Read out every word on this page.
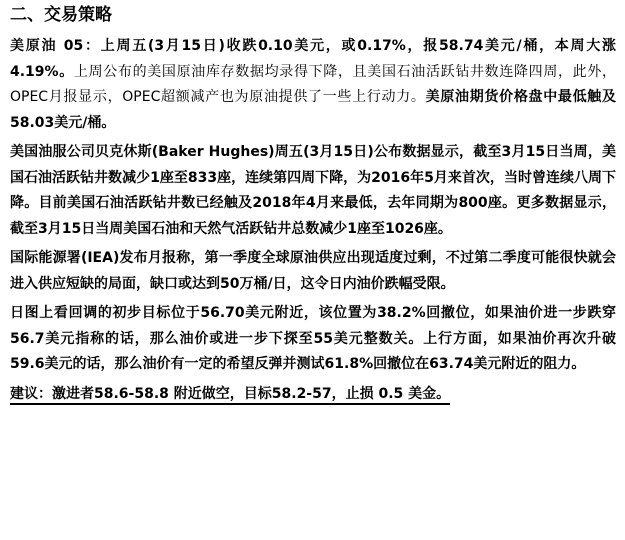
二、交易策略
美原油 05：上周五(3月15日)收跌0.10美元，或0.17%，报58.74美元/桶，本周大涨4.19%。上周公布的美国原油库存数据均录得下降，且美国石油活跃钻井数连降四周，此外，OPEC月报显示，OPEC超额减产也为原油提供了一些上行动力。美原油期货价格盘中最低触及58.03美元/桶。
美国油服公司贝克休斯(Baker Hughes)周五(3月15日)公布数据显示，截至3月15日当周，美国石油活跃钻井数减少1座至833座，连续第四周下降，为2016年5月来首次，当时曾连续八周下降。目前美国石油活跃钻井数已经触及2018年4月来最低，去年同期为800座。更多数据显示，截至3月15日当周美国石油和天然气活跃钻井总数减少1座至1026座。
国际能源署(IEA)发布月报称，第一季度全球原油供应出现适度过剩，不过第二季度可能很快就会进入供应短缺的局面，缺口或达到50万桶/日，这令日内油价跌幅受限。
日图上看回调的初步目标位于56.70美元附近，该位置为38.2%回撤位，如果油价进一步跌穿56.7美元指称的话，那么油价或进一步下探至55美元整数关。上行方面，如果油价再次升破59.6美元的话，那么油价有一定的希望反弹并测试61.8%回撤位在63.74美元附近的阻力。
建议：激进者58.6-58.8 附近做空，目标58.2-57，止损 0.5 美金。
